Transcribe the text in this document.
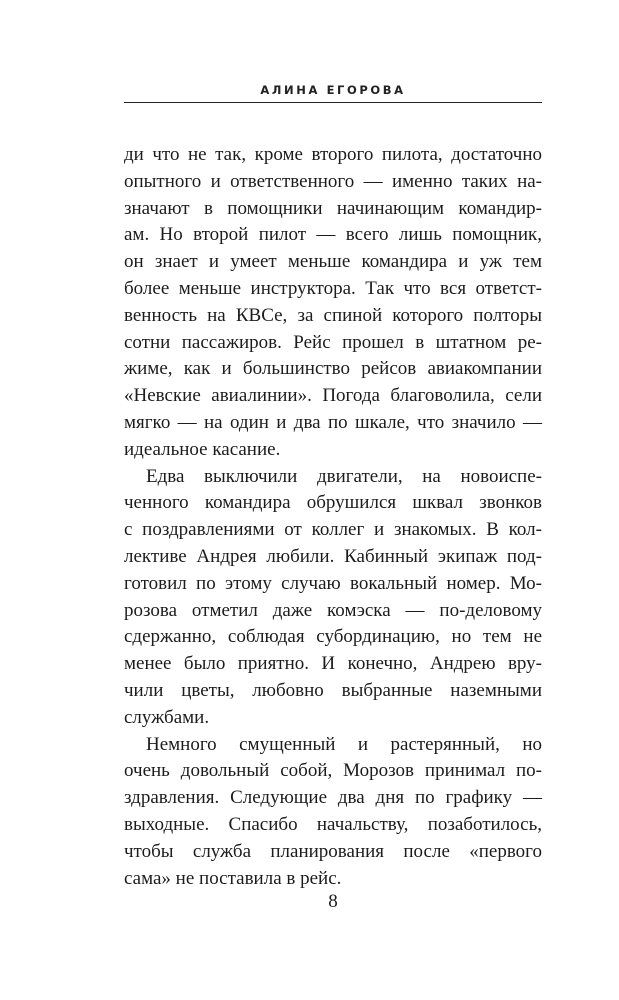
АЛИНА ЕГОРОВА
ди что не так, кроме второго пилота, достаточно
опытного и ответственного — именно таких на-
значают в помощники начинающим командир-
ам. Но второй пилот — всего лишь помощник,
он знает и умеет меньше командира и уж тем
более меньше инструктора. Так что вся ответст-
венность на КВСе, за спиной которого полторы
сотни пассажиров. Рейс прошел в штатном ре-
жиме, как и большинство рейсов авиакомпании
«Невские авиалинии». Погода благоволила, сели
мягко — на один и два по шкале, что значило —
идеальное касание.
Едва выключили двигатели, на новоиспе-
ченного командира обрушился шквал звонков
с поздравлениями от коллег и знакомых. В кол-
лективе Андрея любили. Кабинный экипаж под-
готовил по этому случаю вокальный номер. Мо-
розова отметил даже комэска — по-деловому
сдержанно, соблюдая субординацию, но тем не
менее было приятно. И конечно, Андрею вру-
чили цветы, любовно выбранные наземными
службами.
Немного смущенный и растерянный, но
очень довольный собой, Морозов принимал по-
здравления. Следующие два дня по графику —
выходные. Спасибо начальству, позаботилось,
чтобы служба планирования после «первого
сама» не поставила в рейс.
8
